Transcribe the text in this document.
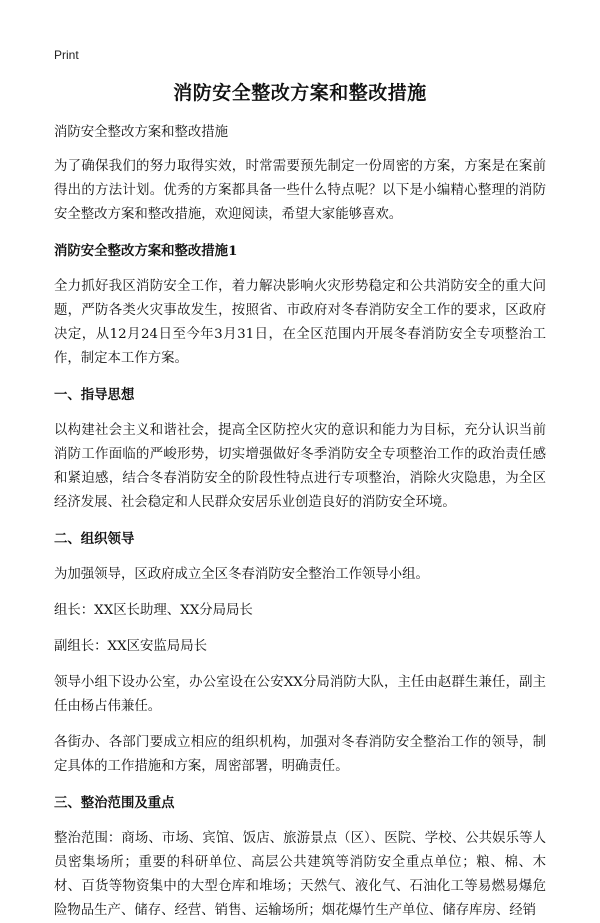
Print
消防安全整改方案和整改措施

消防安全整改方案和整改措施

为了确保我们的努力取得实效，时常需要预先制定一份周密的方案，方案是在案前得出的方法计划。优秀的方案都具备一些什么特点呢？以下是小编精心整理的消防安全整改方案和整改措施，欢迎阅读，希望大家能够喜欢。

消防安全整改方案和整改措施1

全力抓好我区消防安全工作，着力解决影响火灾形势稳定和公共消防安全的重大问题，严防各类火灾事故发生，按照省、市政府对冬春消防安全工作的要求，区政府决定，从12月24日至今年3月31日，在全区范围内开展冬春消防安全专项整治工作，制定本工作方案。

一、指导思想

以构建社会主义和谐社会，提高全区防控火灾的意识和能力为目标，充分认识当前消防工作面临的严峻形势，切实增强做好冬季消防安全专项整治工作的政治责任感和紧迫感，结合冬春消防安全的阶段性特点进行专项整治，消除火灾隐患，为全区经济发展、社会稳定和人民群众安居乐业创造良好的消防安全环境。

二、组织领导

为加强领导，区政府成立全区冬春消防安全整治工作领导小组。

组长：XX区长助理、XX分局局长

副组长：XX区安监局局长

领导小组下设办公室，办公室设在公安XX分局消防大队，主任由赵群生兼任，副主任由杨占伟兼任。

各街办、各部门要成立相应的组织机构，加强对冬春消防安全整治工作的领导，制定具体的工作措施和方案，周密部署，明确责任。

三、整治范围及重点

整治范围：商场、市场、宾馆、饭店、旅游景点（区）、医院、学校、公共娱乐等人员密集场所；重要的科研单位、高层公共建筑等消防安全重点单位；粮、棉、木材、百货等物资集中的大型仓库和堆场；天然气、液化气、石油化工等易燃易爆危险物品生产、储存、经营、销售、运输场所；烟花爆竹生产单位、储存库房、经销
